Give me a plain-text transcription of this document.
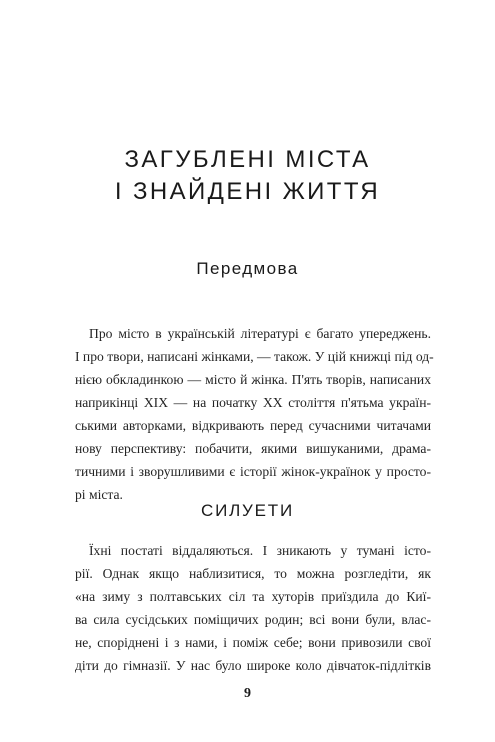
ЗАГУБЛЕНІ МІСТА
І ЗНАЙДЕНІ ЖИТТЯ
Передмова
Про місто в українській літературі є багато упереджень.
І про твори, написані жінками, — також. У цій книжці під од-
нією обкладинкою — місто й жінка. П'ять творів, написаних
наприкінці ХІХ — на початку ХХ століття п'ятьма україн-
ськими авторками, відкривають перед сучасними читачами
нову перспективу: побачити, якими вишуканими, драма-
тичними і зворушливими є історії жінок-українок у просто-
рі міста.
СИЛУЕТИ
Їхні постаті віддаляються. І зникають у тумані істо-
рії. Однак якщо наблизитися, то можна розгледіти, як
«на зиму з полтавських сіл та хуторів приїздила до Киї-
ва сила сусідських поміщичих родин; всі вони були, влас-
не, споріднені і з нами, і поміж себе; вони привозили свої
діти до гімназії. У нас було широке коло дівчаток-підлітків
9
